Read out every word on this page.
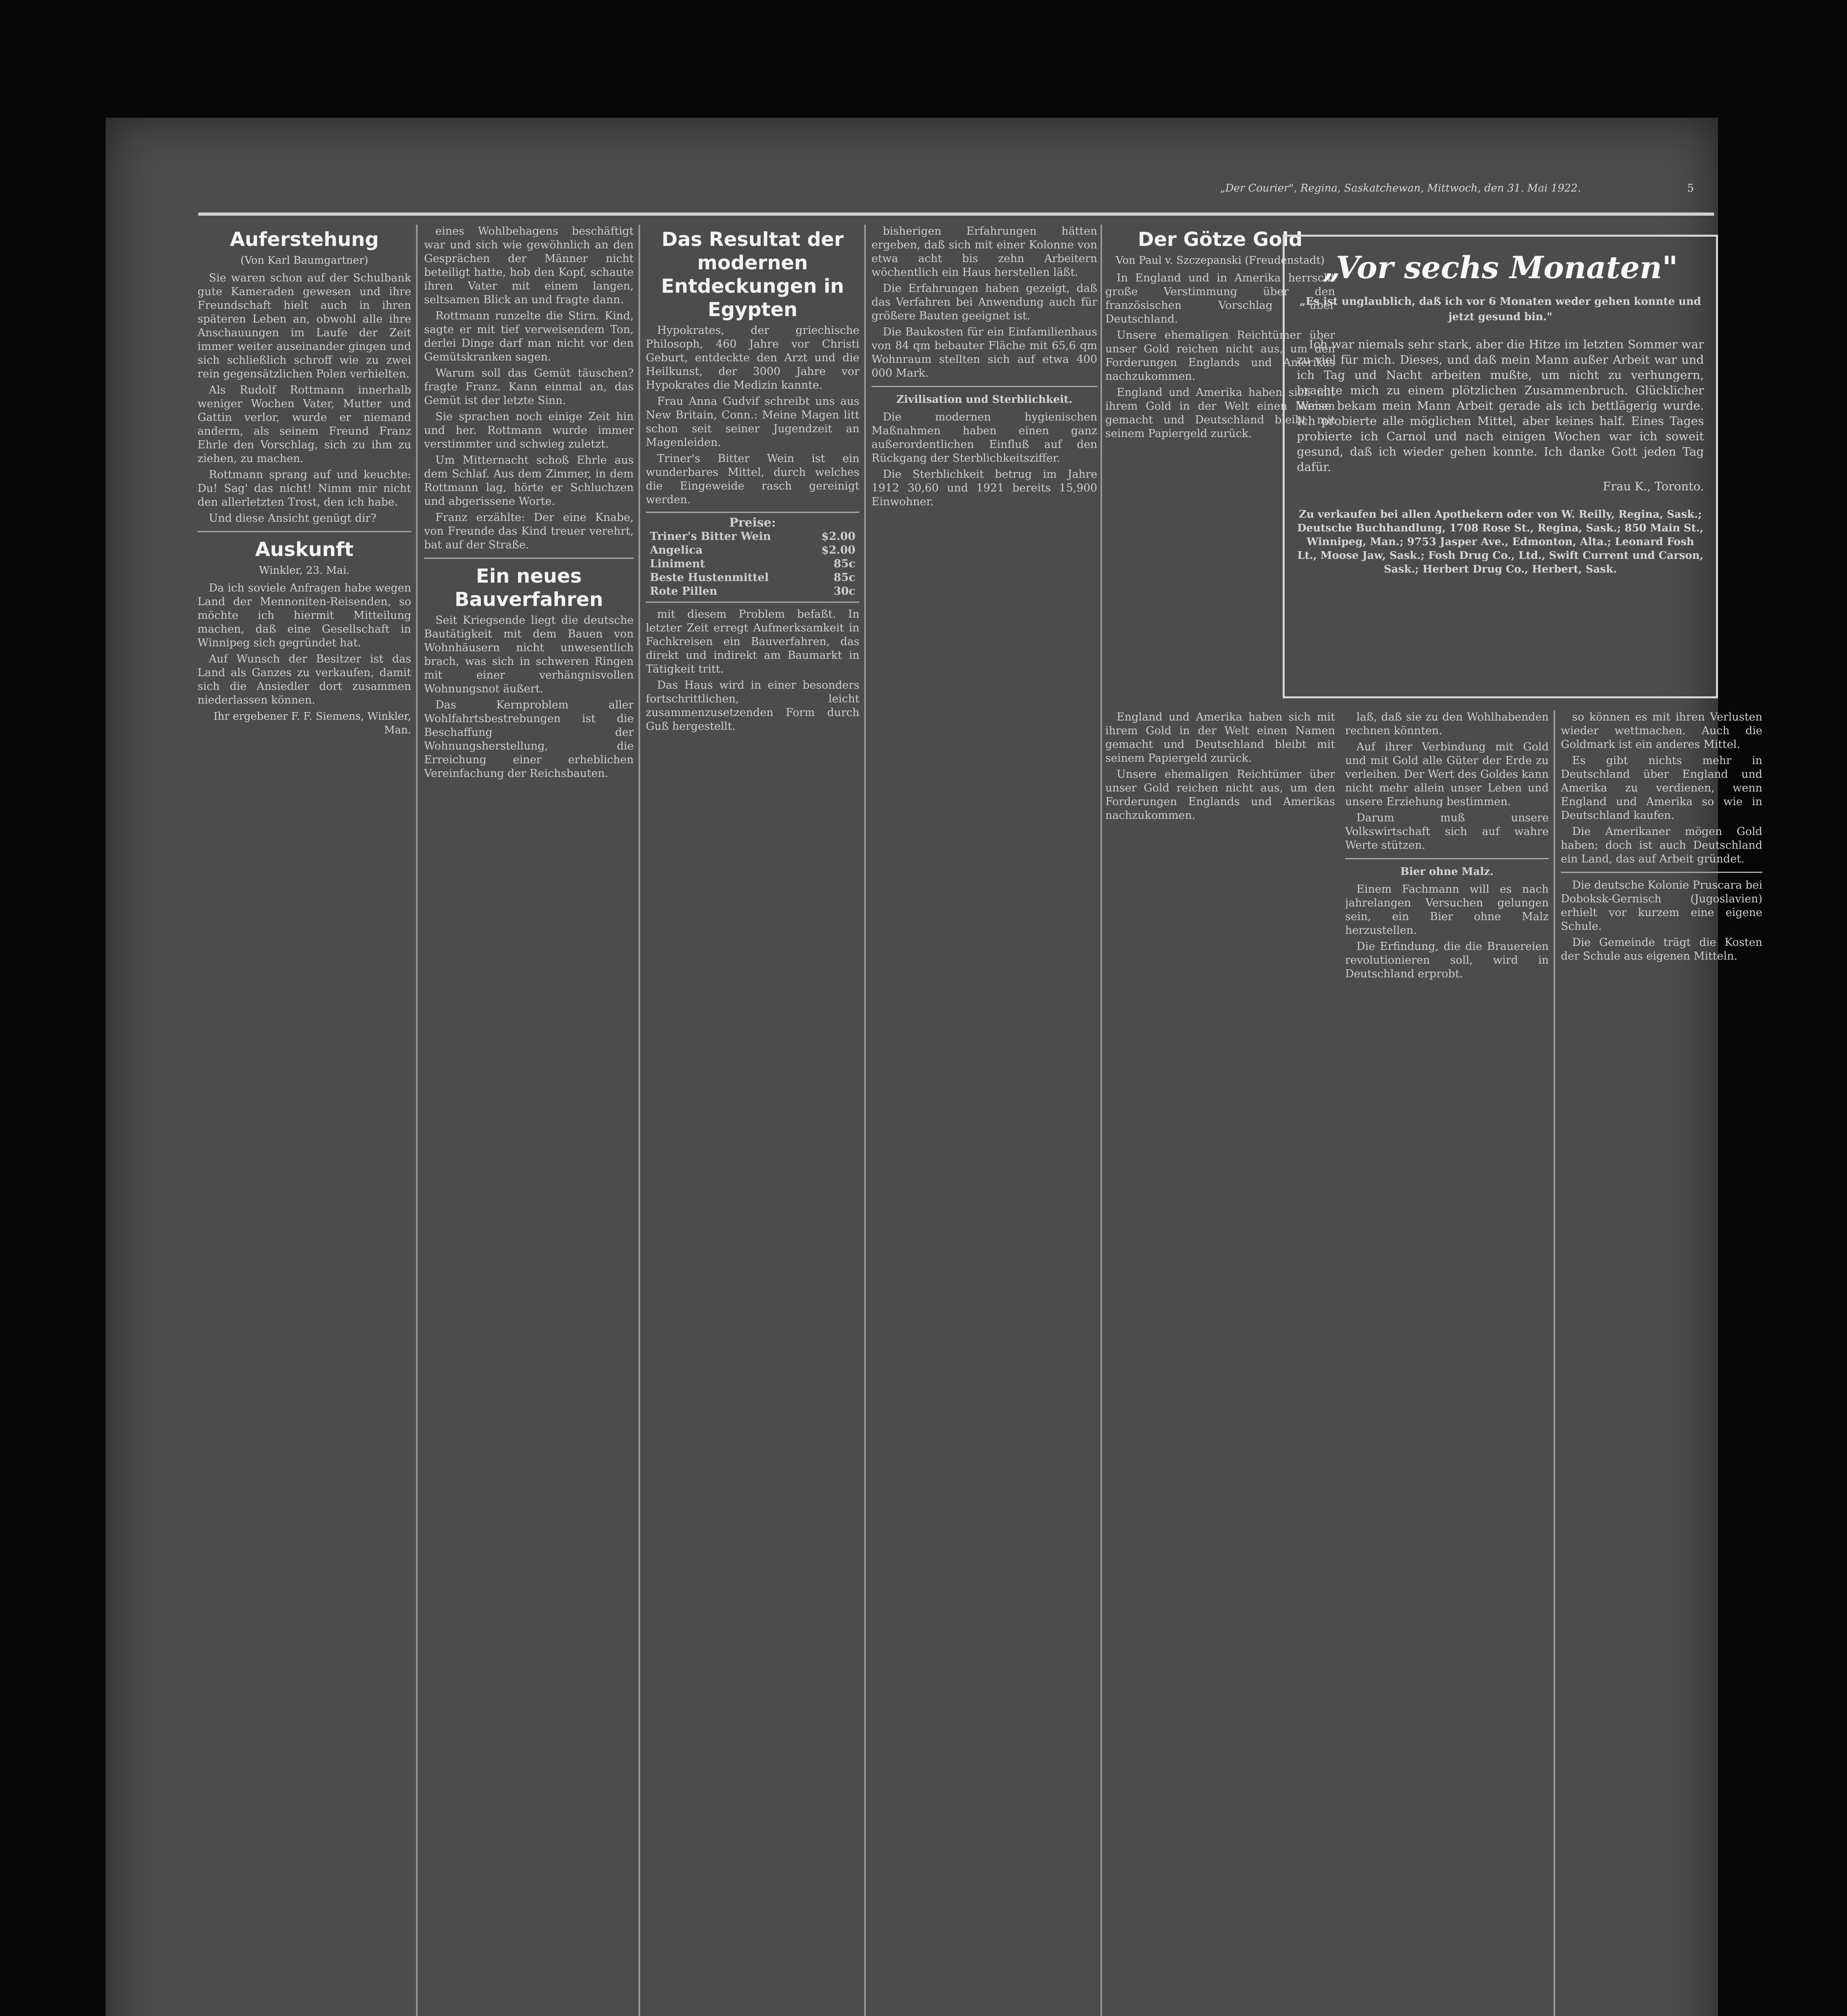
„Der Courier", Regina, Saskatchewan, Mittwoch, den 31. Mai 1922.	5
Auferstehung
(Von Karl Baumgartner)

Sie waren schon auf der Schulbank gute Kameraden gewesen und ihre Freundschaft hielt auch in ihren späteren Leben an, obwohl alle ihre Anschauungen im Laufe der Zeit immer weiter auseinander gingen und sich schließlich schroff wie zu zwei rein gegensätzlichen Polen verhielten.

Als Rudolf Rottmann innerhalb weniger Wochen Vater, Mutter und Gattin verlor, wurde er niemand anderm, als seinem Freund Franz Ehrle den Vorschlag, sich zu ihm zu ziehen, zu machen.

Rottmann sprang auf und keuchte: Du! Sag' das nicht! Nimm mir nicht den allerletzten Trost, den ich habe.

Und diese Ansicht genügt dir?

Auskunft
Winkler, 23. Mai.

Da ich soviele Anfragen habe wegen Land der Mennoniten-Reisenden, so möchte ich hiermit Mitteilung machen, daß eine Gesellschaft in Winnipeg sich gegründet hat.

Auf Wunsch der Besitzer ist das Land als Ganzes zu verkaufen, damit sich die Ansiedler dort zusammen niederlassen können.

Ihr ergebener F. F. Siemens, Winkler, Man.

eines Wohlbehagens beschäftigt war und sich wie gewöhnlich an den Gesprächen der Männer nicht beteiligt hatte, hob den Kopf, schaute ihren Vater mit einem langen, seltsamen Blick an und fragte dann.

Rottmann runzelte die Stirn. Kind, sagte er mit tief verweisendem Ton, derlei Dinge darf man nicht vor den Gemütskranken sagen.

Warum soll das Gemüt täuschen? fragte Franz. Kann einmal an, das Gemüt ist der letzte Sinn.

Sie sprachen noch einige Zeit hin und her. Rottmann wurde immer verstimmter und schwieg zuletzt.

Um Mitternacht schoß Ehrle aus dem Schlaf. Aus dem Zimmer, in dem Rottmann lag, hörte er Schluchzen und abgerissene Worte.

Franz erzählte: Der eine Knabe, von Freunde das Kind treuer verehrt, bat auf der Straße.

Ein neues Bauverfahren

Seit Kriegsende liegt die deutsche Bautätigkeit mit dem Bauen von Wohnhäusern nicht unwesentlich brach, was sich in schweren Ringen mit einer verhängnisvollen Wohnungsnot äußert.

Das Kernproblem aller Wohlfahrtsbestrebungen ist die Beschaffung der Wohnungsherstellung, die Erreichung einer erheblichen Vereinfachung der Reichsbauten.

Das Resultat der modernen Entdeckungen in Egypten

Hypokrates, der griechische Philosoph, 460 Jahre vor Christi Geburt, entdeckte den Arzt und die Heilkunst, der 3000 Jahre vor Hypokrates die Medizin kannte.

Frau Anna Gudvif schreibt uns aus New Britain, Conn.: Meine Magen litt schon seit seiner Jugendzeit an Magenleiden.

Triner's Bitter Wein ist ein wunderbares Mittel, durch welches die Eingeweide rasch gereinigt werden.

Preise:
Triner's Bitter Wein	$2.00
Angelica	$2.00
Liniment	85c
Beste Hustenmittel	85c
Rote Pillen	30c

mit diesem Problem befaßt. In letzter Zeit erregt Aufmerksamkeit in Fachkreisen ein Bauverfahren, das direkt und indirekt am Baumarkt in Tätigkeit tritt.

Das Haus wird in einer besonders fortschrittlichen, leicht zusammenzusetzenden Form durch Guß hergestellt.

bisherigen Erfahrungen hätten ergeben, daß sich mit einer Kolonne von etwa acht bis zehn Arbeitern wöchentlich ein Haus herstellen läßt.

Die Erfahrungen haben gezeigt, daß das Verfahren bei Anwendung auch für größere Bauten geeignet ist.

Die Baukosten für ein Einfamilienhaus von 84 qm bebauter Fläche mit 65,6 qm Wohnraum stellten sich auf etwa 400 000 Mark.

Zivilisation und Sterblichkeit.

Die modernen hygienischen Maßnahmen haben einen ganz außerordentlichen Einfluß auf den Rückgang der Sterblichkeitsziffer.

Die Sterblichkeit betrug im Jahre 1912 30,60 und 1921 bereits 15,900 Einwohner.

Der Götze Gold
Von Paul v. Szczepanski (Freudenstadt)

In England und in Amerika herrscht große Verstimmung über den französischen Vorschlag über Deutschland.

Unsere ehemaligen Reichtümer über unser Gold reichen nicht aus, um den Forderungen Englands und Amerikas nachzukommen.

England und Amerika haben sich mit ihrem Gold in der Welt einen Namen gemacht und Deutschland bleibt mit seinem Papiergeld zurück.

England und Amerika haben sich mit ihrem Gold in der Welt einen Namen gemacht und Deutschland bleibt mit seinem Papiergeld zurück.

Unsere ehemaligen Reichtümer über unser Gold reichen nicht aus, um den Forderungen Englands und Amerikas nachzukommen.

„Vor sechs Monaten"
„Es ist unglaublich, daß ich vor 6 Monaten weder gehen konnte und jetzt gesund bin."

Ich war niemals sehr stark, aber die Hitze im letzten Sommer war zu viel für mich. Dieses, und daß mein Mann außer Arbeit war und ich Tag und Nacht arbeiten mußte, um nicht zu verhungern, brachte mich zu einem plötzlichen Zusammenbruch. Glücklicher Weise bekam mein Mann Arbeit gerade als ich bettlägerig wurde. Ich probierte alle möglichen Mittel, aber keines half. Eines Tages probierte ich Carnol und nach einigen Wochen war ich soweit gesund, daß ich wieder gehen konnte. Ich danke Gott jeden Tag dafür.

Frau K., Toronto.
Zu verkaufen bei allen Apothekern oder von W. Reilly, Regina, Sask.; Deutsche Buchhandlung, 1708 Rose St., Regina, Sask.; 850 Main St., Winnipeg, Man.; 9753 Jasper Ave., Edmonton, Alta.; Leonard Fosh Lt., Moose Jaw, Sask.; Fosh Drug Co., Ltd., Swift Current und Carson, Sask.; Herbert Drug Co., Herbert, Sask.

laß, daß sie zu den Wohlhabenden rechnen könnten.

Auf ihrer Verbindung mit Gold und mit Gold alle Güter der Erde zu verleihen. Der Wert des Goldes kann nicht mehr allein unser Leben und unsere Erziehung bestimmen.

Darum muß unsere Volkswirtschaft sich auf wahre Werte stützen.

Bier ohne Malz.

Einem Fachmann will es nach jahrelangen Versuchen gelungen sein, ein Bier ohne Malz herzustellen.

Die Erfindung, die die Brauereien revolutionieren soll, wird in Deutschland erprobt.

so können es mit ihren Verlusten wieder wettmachen. Auch die Goldmark ist ein anderes Mittel.

Es gibt nichts mehr in Deutschland über England und Amerika zu verdienen, wenn England und Amerika so wie in Deutschland kaufen.

Die Amerikaner mögen Gold haben; doch ist auch Deutschland ein Land, das auf Arbeit gründet.

Die deutsche Kolonie Pruscara bei Doboksk-Gernisch (Jugoslavien) erhielt vor kurzem eine eigene Schule.

Die Gemeinde trägt die Kosten der Schule aus eigenen Mitteln.
